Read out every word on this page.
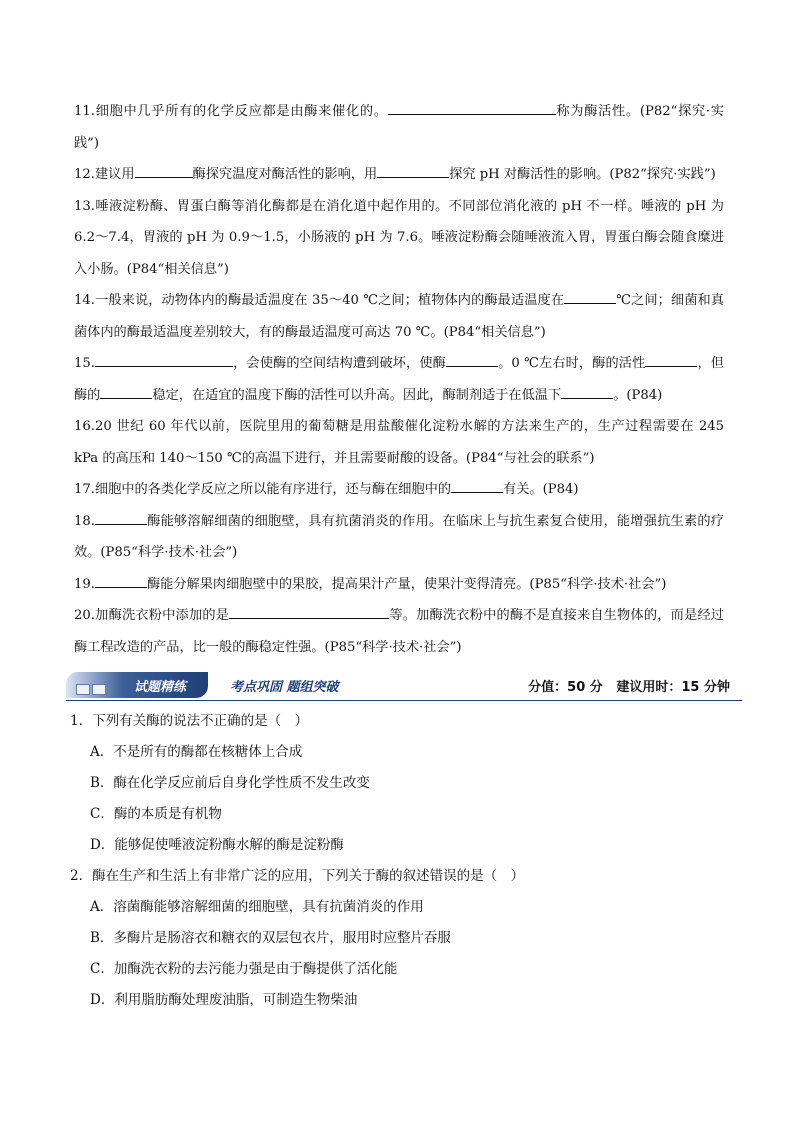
11.细胞中几乎所有的化学反应都是由酶来催化的。	称为酶活性。(P82“探究·实践”)

12.建议用	酶探究温度对酶活性的影响，用	探究 pH 对酶活性的影响。(P82“探究·实践”)

13.唾液淀粉酶、胃蛋白酶等消化酶都是在消化道中起作用的。不同部位消化液的 pH 不一样。唾液的 pH 为 6.2～7.4，胃液的 pH 为 0.9～1.5，小肠液的 pH 为 7.6。唾液淀粉酶会随唾液流入胃，胃蛋白酶会随食糜进入小肠。(P84“相关信息”)

14.一般来说，动物体内的酶最适温度在 35～40 ℃之间；植物体内的酶最适温度在	℃之间；细菌和真菌体内的酶最适温度差别较大，有的酶最适温度可高达 70 ℃。(P84“相关信息”)

15.	，会使酶的空间结构遭到破坏，使酶	。0 ℃左右时，酶的活性	，但酶的	稳定，在适宜的温度下酶的活性可以升高。因此，酶制剂适于在低温下	。(P84)

16.20 世纪 60 年代以前，医院里用的葡萄糖是用盐酸催化淀粉水解的方法来生产的，生产过程需要在 245 kPa 的高压和 140～150 ℃的高温下进行，并且需要耐酸的设备。(P84“与社会的联系”)

17.细胞中的各类化学反应之所以能有序进行，还与酶在细胞中的	有关。(P84)

18.	酶能够溶解细菌的细胞壁，具有抗菌消炎的作用。在临床上与抗生素复合使用，能增强抗生素的疗效。(P85“科学·技术·社会”)

19.	酶能分解果肉细胞壁中的果胶，提高果汁产量，使果汁变得清亮。(P85“科学·技术·社会”)

20.加酶洗衣粉中添加的是	等。加酶洗衣粉中的酶不是直接来自生物体的，而是经过酶工程改造的产品，比一般的酶稳定性强。(P85“科学·技术·社会”)

试题精练	考点巩固 题组突破	分值：50 分 建议用时：15 分钟

1．下列有关酶的说法不正确的是（　）

A．不是所有的酶都在核糖体上合成

B．酶在化学反应前后自身化学性质不发生改变

C．酶的本质是有机物

D．能够促使唾液淀粉酶水解的酶是淀粉酶

2．酶在生产和生活上有非常广泛的应用，下列关于酶的叙述错误的是（　）

A．溶菌酶能够溶解细菌的细胞壁，具有抗菌消炎的作用

B．多酶片是肠溶衣和糖衣的双层包衣片，服用时应整片吞服

C．加酶洗衣粉的去污能力强是由于酶提供了活化能

D．利用脂肪酶处理废油脂，可制造生物柴油
